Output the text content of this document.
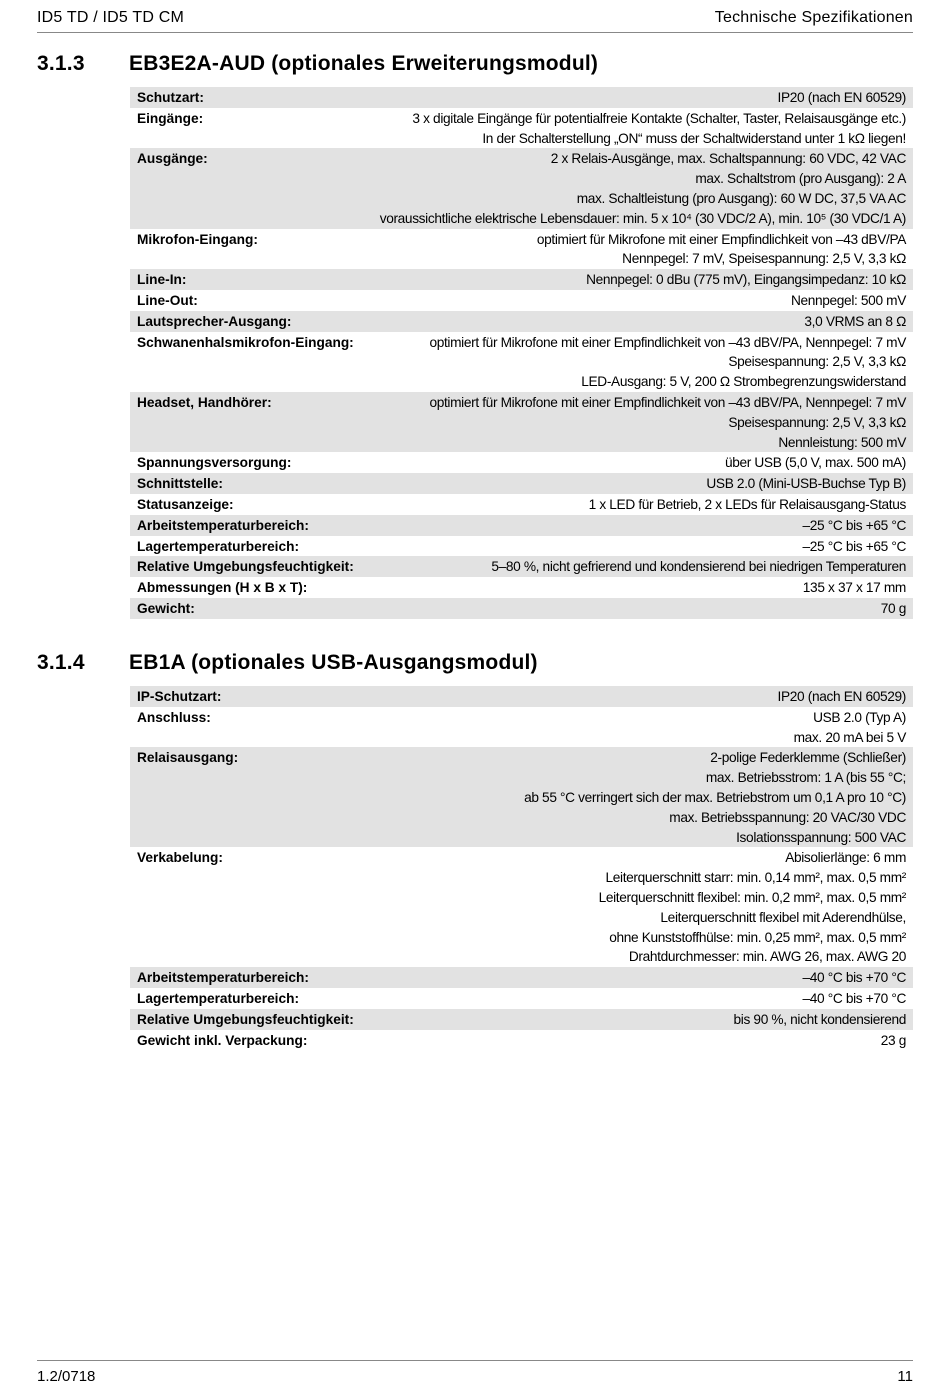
ID5 TD / ID5 TD CM	Technische Spezifikationen
3.1.3 EB3E2A-AUD (optionales Erweiterungsmodul)
Schutzart:	IP20 (nach EN 60529)
Eingänge:	3 x digitale Eingänge für potentialfreie Kontakte (Schalter, Taster, Relaisausgänge etc.)
In der Schalterstellung „ON“ muss der Schaltwiderstand unter 1 kΩ liegen!
Ausgänge:	2 x Relais-Ausgänge, max. Schaltspannung: 60 VDC, 42 VAC
max. Schaltstrom (pro Ausgang): 2 A
max. Schaltleistung (pro Ausgang): 60 W DC, 37,5 VA AC
voraussichtliche elektrische Lebensdauer: min. 5 x 10⁴ (30 VDC/2 A), min. 10⁵ (30 VDC/1 A)
Mikrofon-Eingang:	optimiert für Mikrofone mit einer Empfindlichkeit von –43 dBV/PA
Nennpegel: 7 mV, Speisespannung: 2,5 V, 3,3 kΩ
Line-In:	Nennpegel: 0 dBu (775 mV), Eingangsimpedanz: 10 kΩ
Line-Out:	Nennpegel: 500 mV
Lautsprecher-Ausgang:	3,0 VRMS an 8 Ω
Schwanenhalsmikrofon-Eingang:	optimiert für Mikrofone mit einer Empfindlichkeit von –43 dBV/PA, Nennpegel: 7 mV
Speisespannung: 2,5 V, 3,3 kΩ
LED-Ausgang: 5 V, 200 Ω Strombegrenzungswiderstand
Headset, Handhörer:	optimiert für Mikrofone mit einer Empfindlichkeit von –43 dBV/PA, Nennpegel: 7 mV
Speisespannung: 2,5 V, 3,3 kΩ
Nennleistung: 500 mV
Spannungsversorgung:	über USB (5,0 V, max. 500 mA)
Schnittstelle:	USB 2.0 (Mini-USB-Buchse Typ B)
Statusanzeige:	1 x LED für Betrieb, 2 x LEDs für Relaisausgang-Status
Arbeitstemperaturbereich:	–25 °C bis +65 °C
Lagertemperaturbereich:	–25 °C bis +65 °C
Relative Umgebungsfeuchtigkeit:	5–80 %, nicht gefrierend und kondensierend bei niedrigen Temperaturen
Abmessungen (H x B x T):	135 x 37 x 17 mm
Gewicht:	70 g
3.1.4 EB1A (optionales USB-Ausgangsmodul)
IP-Schutzart:	IP20 (nach EN 60529)
Anschluss:	USB 2.0 (Typ A)
max. 20 mA bei 5 V
Relaisausgang:	2-polige Federklemme (Schließer)
max. Betriebsstrom: 1 A (bis 55 °C;
ab 55 °C verringert sich der max. Betriebstrom um 0,1 A pro 10 °C)
max. Betriebsspannung: 20 VAC/30 VDC
Isolationsspannung: 500 VAC
Verkabelung:	Abisolierlänge: 6 mm
Leiterquerschnitt starr: min. 0,14 mm², max. 0,5 mm²
Leiterquerschnitt flexibel: min. 0,2 mm², max. 0,5 mm²
Leiterquerschnitt flexibel mit Aderendhülse,
ohne Kunststoffhülse: min. 0,25 mm², max. 0,5 mm²
Drahtdurchmesser: min. AWG 26, max. AWG 20
Arbeitstemperaturbereich:	–40 °C bis +70 °C
Lagertemperaturbereich:	–40 °C bis +70 °C
Relative Umgebungsfeuchtigkeit:	bis 90 %, nicht kondensierend
Gewicht inkl. Verpackung:	23 g
1.2/0718	11
